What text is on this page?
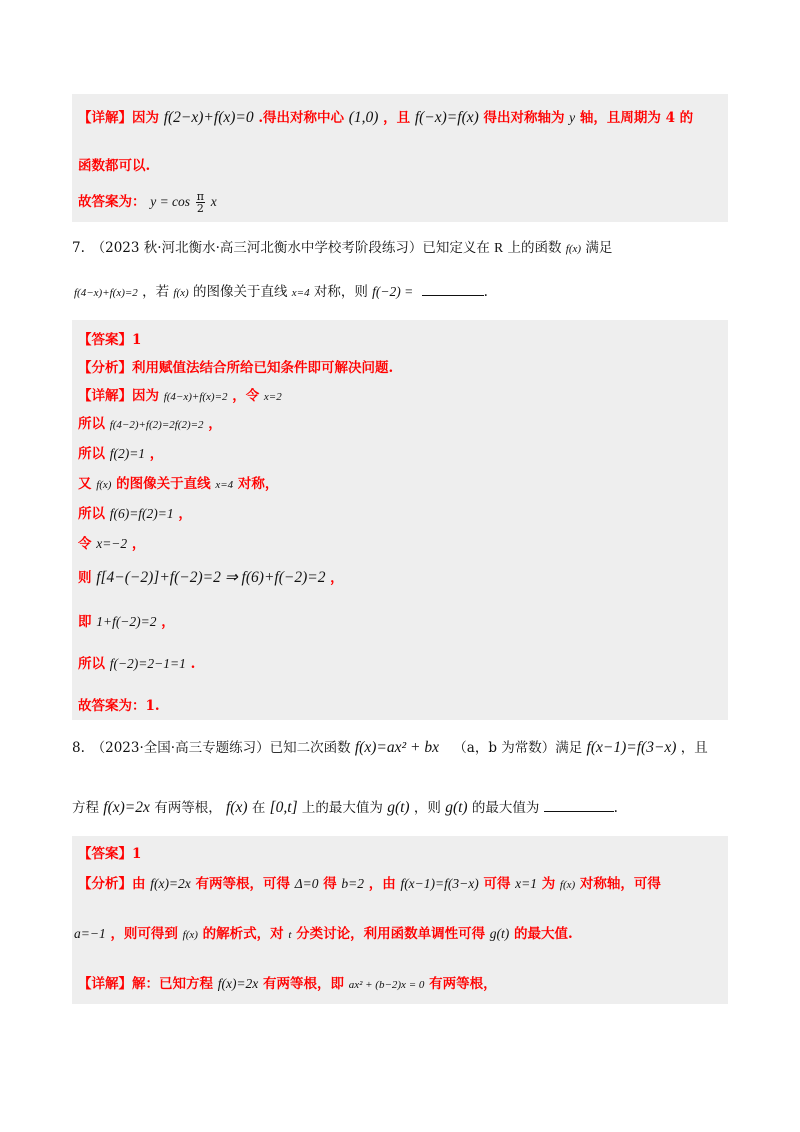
【详解】因为 f(2−x)+f(x)=0 .得出对称中心 (1,0) ，且 f(−x)=f(x) 得出对称轴为 y 轴，且周期为 4 的
函数都可以.
故答案为： $y = \cos \frac{\pi}{2}$ x
7.　（2023 秋·河北衡水·高三河北衡水中学校考阶段练习）已知定义在 R 上的函数 f(x) 满足
f(4−x)+f(x)=2 ，若 f(x) 的图像关于直线 x=4 对称，则 f(−2) =	.
【答案】1
【分析】利用赋值法结合所给已知条件即可解决问题.
【详解】因为 f(4−x)+f(x)=2 ，令 x=2
所以 f(4−2)+f(2)=2f(2)=2 ，
所以 f(2)=1 ，
又 f(x) 的图像关于直线 x=4 对称，
所以 f(6)=f(2)=1 ，
令 x=−2 ，
则 f[4−(−2)]+f(−2)=2 ⇒ f(6)+f(−2)=2 ，
即 1+f(−2)=2 ，
所以 f(−2)=2−1=1 .
故答案为：1.
8.　（2023·全国·高三专题练习）已知二次函数 f(x)=ax² + bx （a，b 为常数）满足 f(x−1)=f(3−x) ，且
方程 f(x)=2x 有两等根， f(x) 在 [0,t] 上的最大值为 g(t) ，则 g(t) 的最大值为	.
【答案】1
【分析】由 f(x)=2x 有两等根，可得 Δ=0 得 b=2 ，由 f(x−1)=f(3−x) 可得 x=1 为 f(x) 对称轴，可得
a=−1 ，则可得到 f(x) 的解析式，对 t 分类讨论，利用函数单调性可得 g(t) 的最大值.
【详解】解：已知方程 f(x)=2x 有两等根，即 ax² + (b−2)x = 0 有两等根，
